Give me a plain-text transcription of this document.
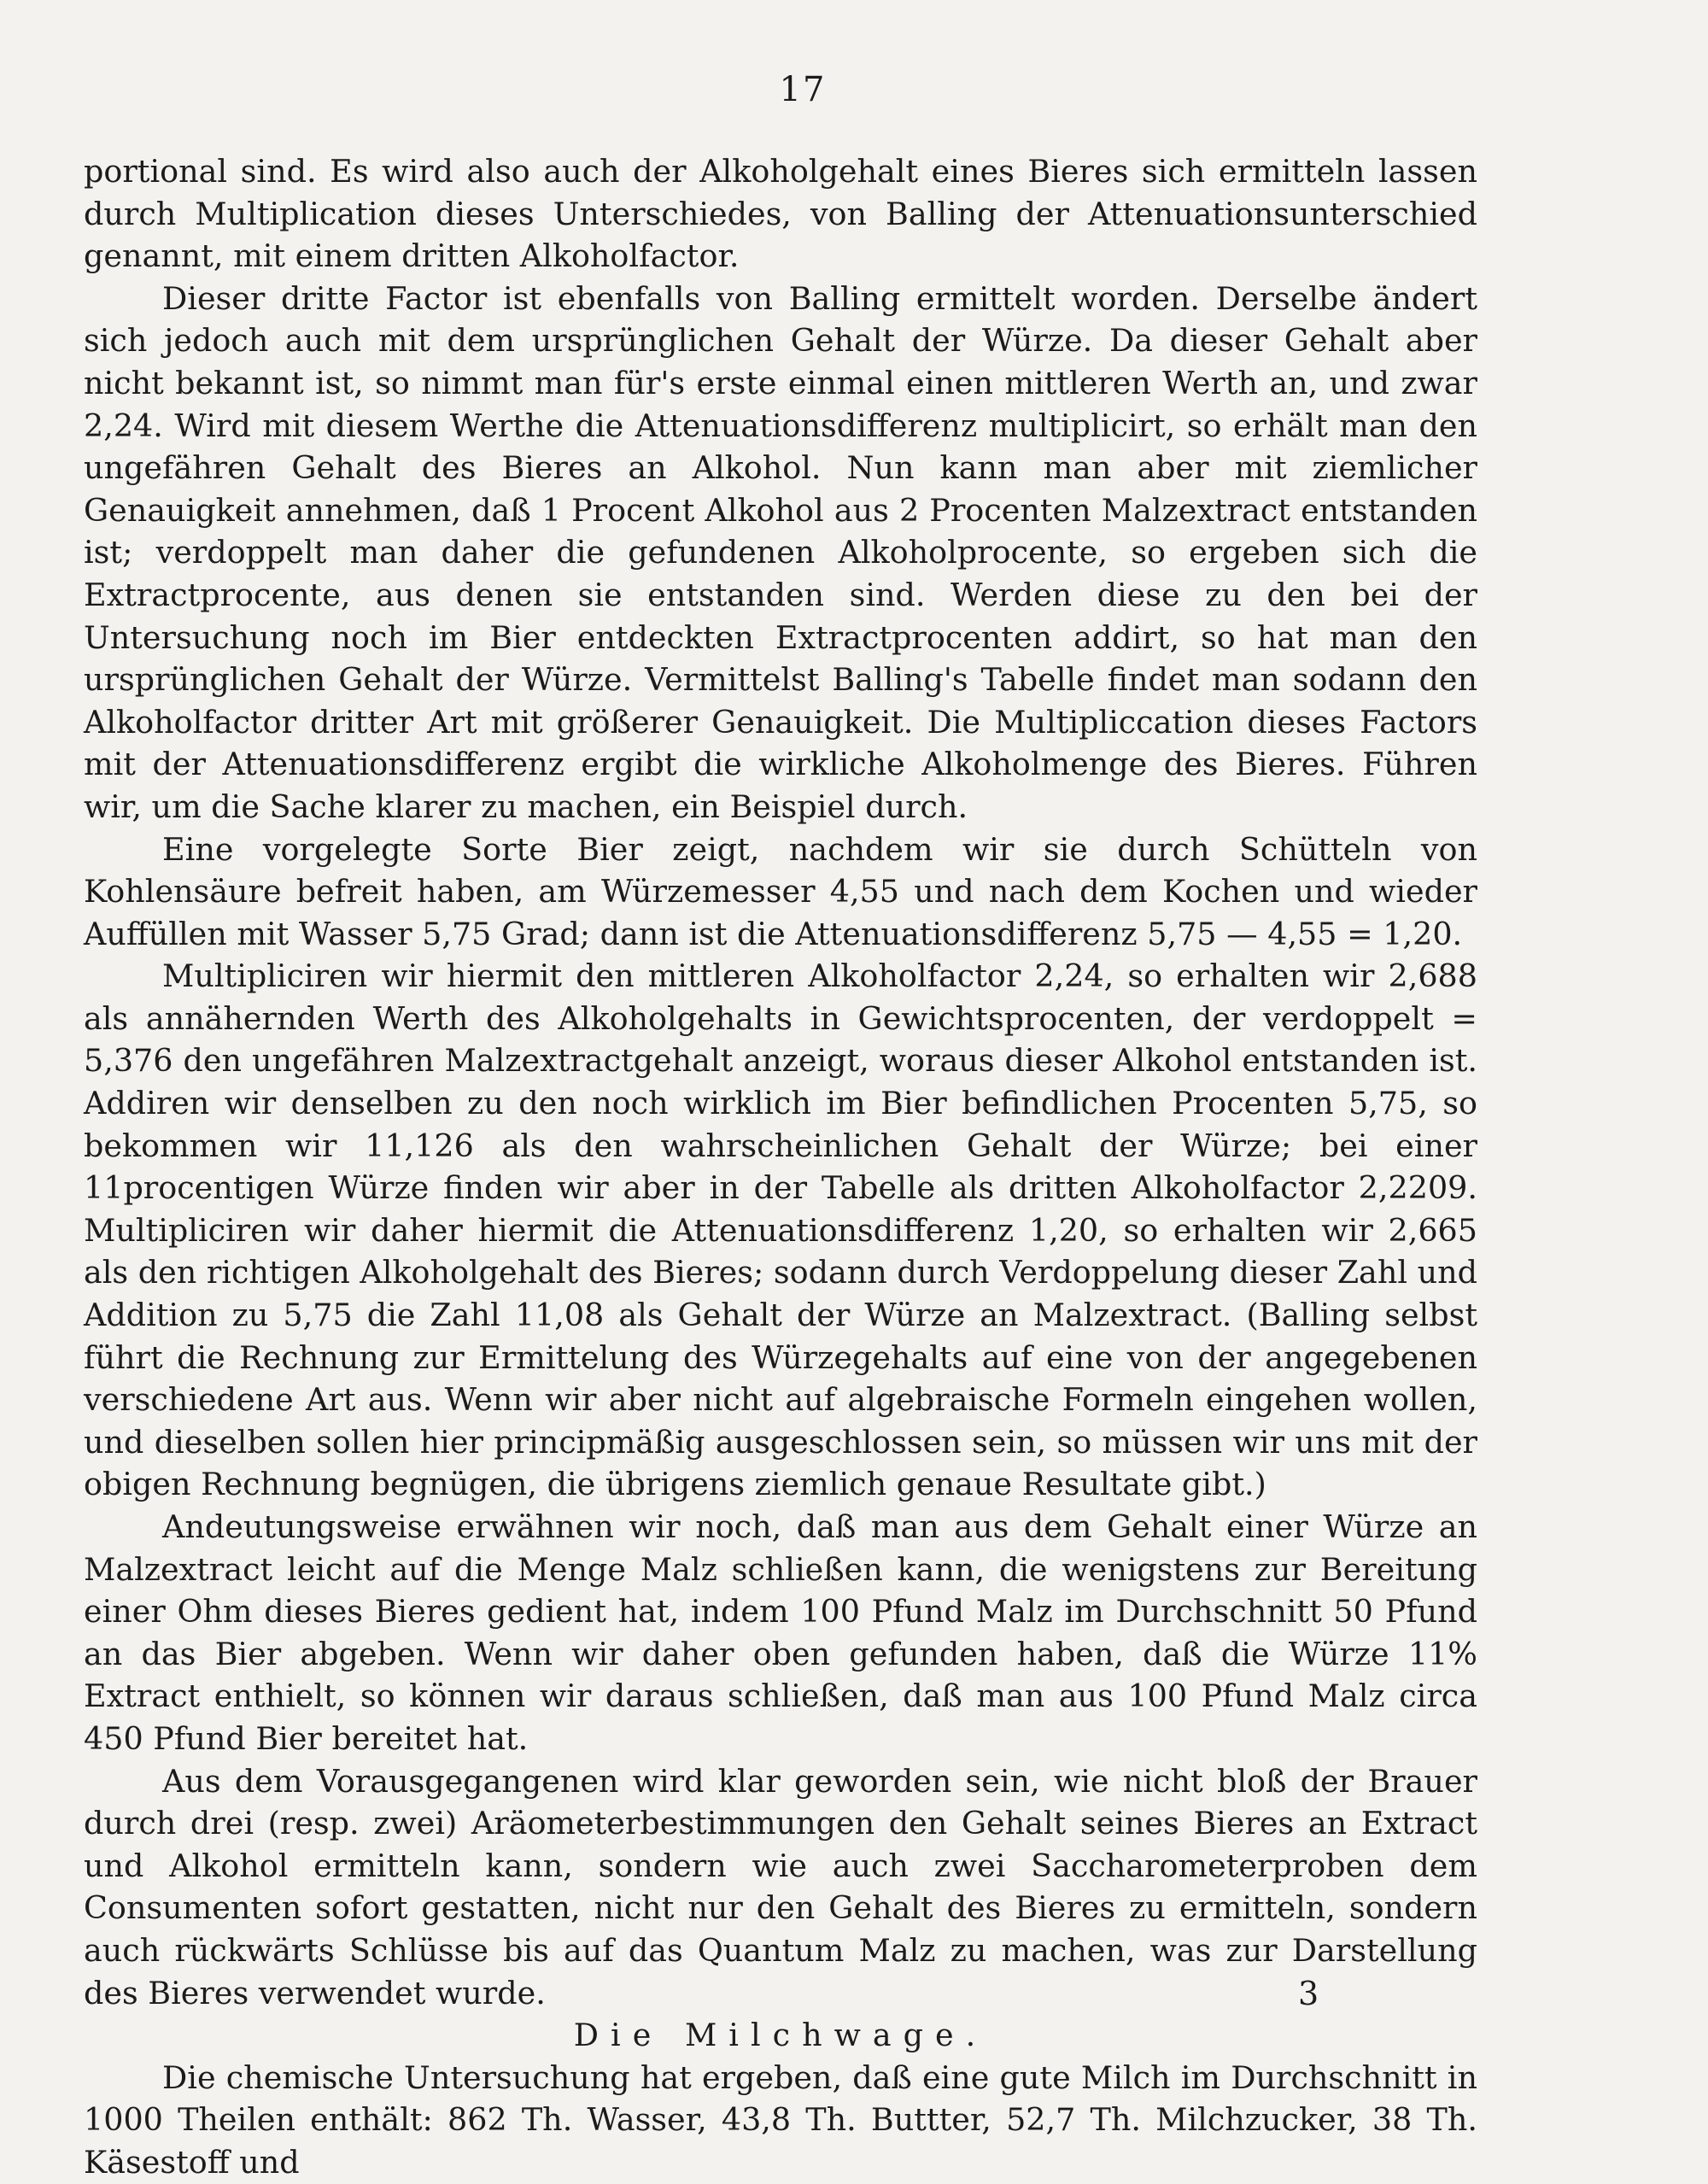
17

portional sind. Es wird also auch der Alkoholgehalt eines Bieres sich ermitteln lassen durch Multiplication dieses Unterschiedes, von Balling der Attenuationsunterschied genannt, mit einem dritten Alkoholfactor.

Dieser dritte Factor ist ebenfalls von Balling ermittelt worden. Derselbe ändert sich jedoch auch mit dem ursprünglichen Gehalt der Würze. Da dieser Gehalt aber nicht bekannt ist, so nimmt man für's erste einmal einen mittleren Werth an, und zwar 2,24. Wird mit diesem Werthe die Attenuationsdifferenz multiplicirt, so erhält man den ungefähren Gehalt des Bieres an Alkohol. Nun kann man aber mit ziemlicher Genauigkeit annehmen, daß 1 Procent Alkohol aus 2 Procenten Malzextract entstanden ist; verdoppelt man daher die gefundenen Alkoholprocente, so ergeben sich die Extractprocente, aus denen sie entstanden sind. Werden diese zu den bei der Untersuchung noch im Bier entdeckten Extractprocenten addirt, so hat man den ursprünglichen Gehalt der Würze. Vermittelst Balling's Tabelle findet man sodann den Alkoholfactor dritter Art mit größerer Genauigkeit. Die Multipliccation dieses Factors mit der Attenuationsdifferenz ergibt die wirkliche Alkoholmenge des Bieres. Führen wir, um die Sache klarer zu machen, ein Beispiel durch.

Eine vorgelegte Sorte Bier zeigt, nachdem wir sie durch Schütteln von Kohlensäure befreit haben, am Würzemesser 4,55 und nach dem Kochen und wieder Auffüllen mit Wasser 5,75 Grad; dann ist die Attenuationsdifferenz 5,75 — 4,55 = 1,20.

Multipliciren wir hiermit den mittleren Alkoholfactor 2,24, so erhalten wir 2,688 als annähernden Werth des Alkoholgehalts in Gewichtsprocenten, der verdoppelt = 5,376 den ungefähren Malzextractgehalt anzeigt, woraus dieser Alkohol entstanden ist. Addiren wir denselben zu den noch wirklich im Bier befindlichen Procenten 5,75, so bekommen wir 11,126 als den wahrscheinlichen Gehalt der Würze; bei einer 11procentigen Würze finden wir aber in der Tabelle als dritten Alkoholfactor 2,2209. Multipliciren wir daher hiermit die Attenuationsdifferenz 1,20, so erhalten wir 2,665 als den richtigen Alkoholgehalt des Bieres; sodann durch Verdoppelung dieser Zahl und Addition zu 5,75 die Zahl 11,08 als Gehalt der Würze an Malzextract. (Balling selbst führt die Rechnung zur Ermittelung des Würzegehalts auf eine von der angegebenen verschiedene Art aus. Wenn wir aber nicht auf algebraische Formeln eingehen wollen, und dieselben sollen hier principmäßig ausgeschlossen sein, so müssen wir uns mit der obigen Rechnung begnügen, die übrigens ziemlich genaue Resultate gibt.)

Andeutungsweise erwähnen wir noch, daß man aus dem Gehalt einer Würze an Malzextract leicht auf die Menge Malz schließen kann, die wenigstens zur Bereitung einer Ohm dieses Bieres gedient hat, indem 100 Pfund Malz im Durchschnitt 50 Pfund an das Bier abgeben. Wenn wir daher oben gefunden haben, daß die Würze 11% Extract enthielt, so können wir daraus schließen, daß man aus 100 Pfund Malz circa 450 Pfund Bier bereitet hat.

Aus dem Vorausgegangenen wird klar geworden sein, wie nicht bloß der Brauer durch drei (resp. zwei) Aräometerbestimmungen den Gehalt seines Bieres an Extract und Alkohol ermitteln kann, sondern wie auch zwei Saccharometerproben dem Consumenten sofort gestatten, nicht nur den Gehalt des Bieres zu ermitteln, sondern auch rückwärts Schlüsse bis auf das Quantum Malz zu machen, was zur Darstellung des Bieres verwendet wurde.

Die Milchwage.

Die chemische Untersuchung hat ergeben, daß eine gute Milch im Durchschnitt in 1000 Theilen enthält: 862 Th. Wasser, 43,8 Th. Buttter, 52,7 Th. Milchzucker, 38 Th. Käsestoff und

3
